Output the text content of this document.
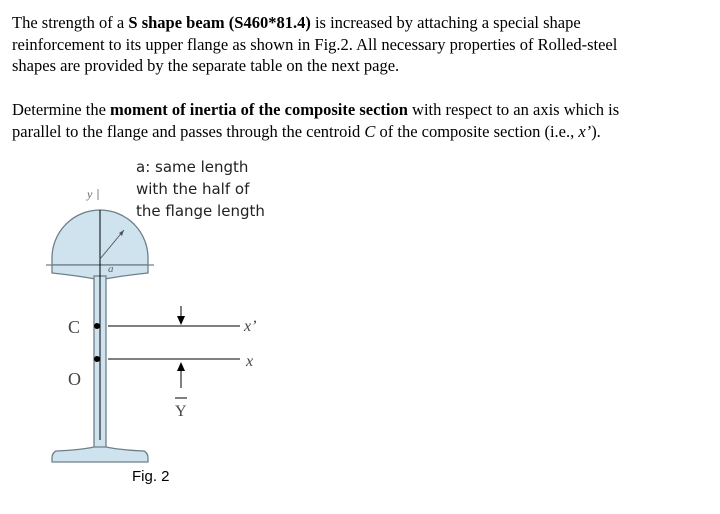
The strength of a S shape beam (S460*81.4) is increased by attaching a special shape
reinforcement to its upper flange as shown in Fig.2. All necessary properties of Rolled-steel
shapes are provided by the separate table on the next page.
Determine the moment of inertia of the composite section with respect to an axis which is
parallel to the flange and passes through the centroid C of the composite section (i.e., x’).
y
a
C
O
x’
x
Y
a: same length
with the half of
the flange length
Fig. 2
